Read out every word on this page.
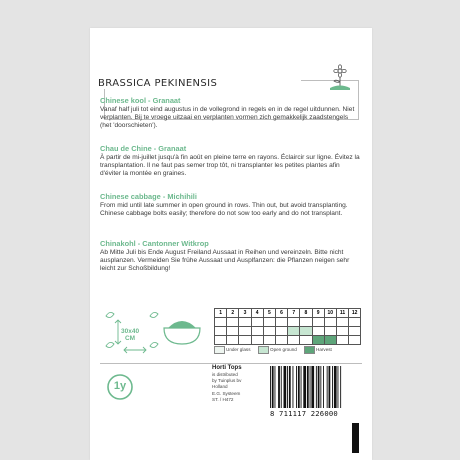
BRASSICA PEKINENSIS
Chinese kool - Granaat
Vanaf half juli tot eind augustus in de vollegrond in regels en in de regel uitdunnen. Niet verplanten. Bij te vroege uitzaai en verplanten vormen zich gemakkelijk zaadstengels (het 'doorschieten').
Chau de Chine - Granaat
À partir de mi-juillet jusqu'à fin août en pleine terre en rayons. Éclaircir sur ligne. Évitez la transplantation. Il ne faut pas semer trop tôt, ni transplanter les petites plantes afin d'éviter la montée en graines.
Chinese cabbage - Michihili
From mid until late summer in open ground in rows. Thin out, but avoid transplanting. Chinese cabbage bolts easily; therefore do not sow too early and do not transplant.
Chinakohl - Cantonner Witkrop
Ab Mitte Juli bis Ende August Freiland Aussaat in Reihen und vereinzeln. Bitte nicht ausplanzen. Vermeiden Sie frühe Aussaat und Ausplfanzen: die Pflanzen neigen sehr leicht zur Schoßbildung!
30x40
CM
1y
1	2	3	4	5	6	7	8	9	10	11	12

Under glass	Open ground	Harvest
Horti Tops
is distributed
by Tuinplus bv
Holland
E.G. Systeem
ST. / H472
8 711117 226000
